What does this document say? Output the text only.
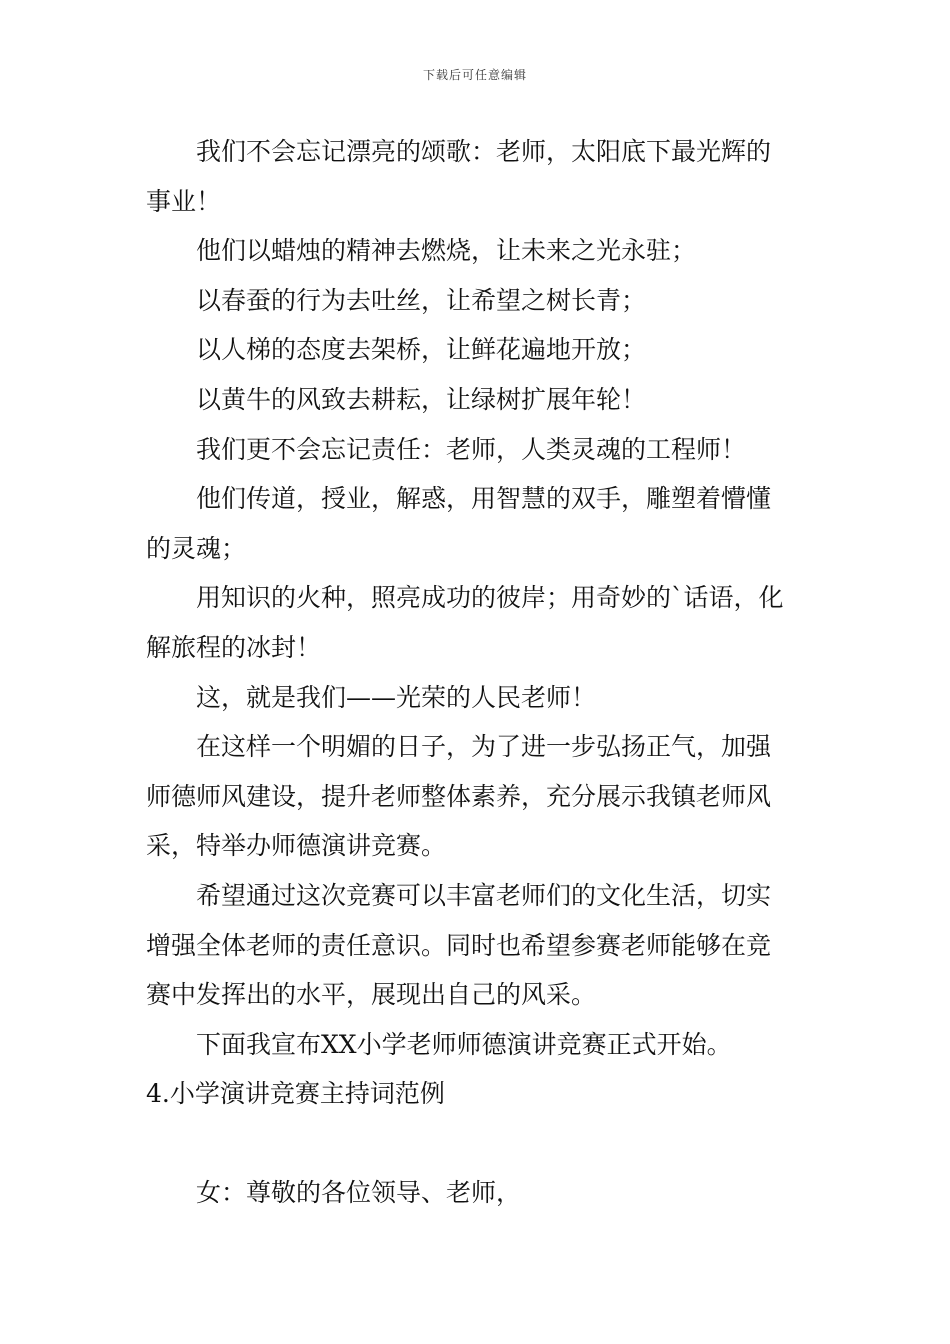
下载后可任意编辑

我们不会忘记漂亮的颂歌：老师，太阳底下最光辉的

事业！

他们以蜡烛的精神去燃烧，让未来之光永驻；

以春蚕的行为去吐丝，让希望之树长青；

以人梯的态度去架桥，让鲜花遍地开放；

以黄牛的风致去耕耘，让绿树扩展年轮！

我们更不会忘记责任：老师，人类灵魂的工程师！

他们传道，授业，解惑，用智慧的双手，雕塑着懵懂

的灵魂；

用知识的火种，照亮成功的彼岸；用奇妙的`话语，化

解旅程的冰封！

这，就是我们——光荣的人民老师！

在这样一个明媚的日子，为了进一步弘扬正气，加强

师德师风建设，提升老师整体素养，充分展示我镇老师风

采，特举办师德演讲竞赛。

希望通过这次竞赛可以丰富老师们的文化生活，切实

增强全体老师的责任意识。同时也希望参赛老师能够在竞

赛中发挥出的水平，展现出自己的风采。

下面我宣布XX小学老师师德演讲竞赛正式开始。

4.小学演讲竞赛主持词范例

女：尊敬的各位领导、老师，
